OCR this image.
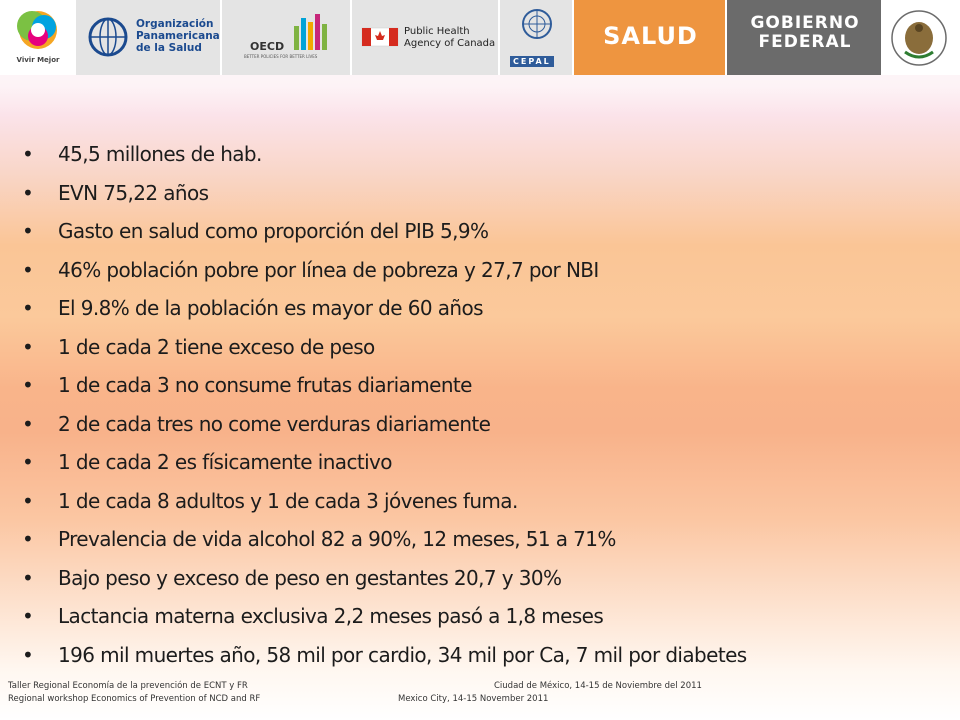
Vivir Mejor
Organización
Panamericana
de la Salud	OECD
BETTER POLICIES FOR BETTER LIVES
Public Health
Agency of Canada
CEPAL
SALUD	GOBIERNO
FEDERAL
• 45,5 millones de hab.
• EVN 75,22 años
• Gasto en salud como proporción del PIB 5,9%
• 46% población pobre por línea de pobreza y 27,7 por NBI
• El 9.8% de la población es mayor de 60 años
• 1 de cada 2 tiene exceso de peso
• 1 de cada 3 no consume frutas diariamente
• 2 de cada tres no come verduras diariamente
• 1 de cada 2 es físicamente inactivo
• 1 de cada 8 adultos y 1 de cada 3 jóvenes fuma.
• Prevalencia de vida alcohol 82 a 90%, 12 meses, 51 a 71%
• Bajo peso y exceso de peso en gestantes 20,7 y 30%
• Lactancia materna exclusiva 2,2 meses pasó a 1,8 meses
• 196 mil muertes año, 58 mil por cardio, 34 mil por Ca, 7 mil por diabetes
Taller Regional Economía de la prevención de ECNT y FR	Ciudad de México, 14-15 de Noviembre del 2011
Regional workshop Economics of Prevention of NCD and RF	Mexico City, 14-15 November 2011
